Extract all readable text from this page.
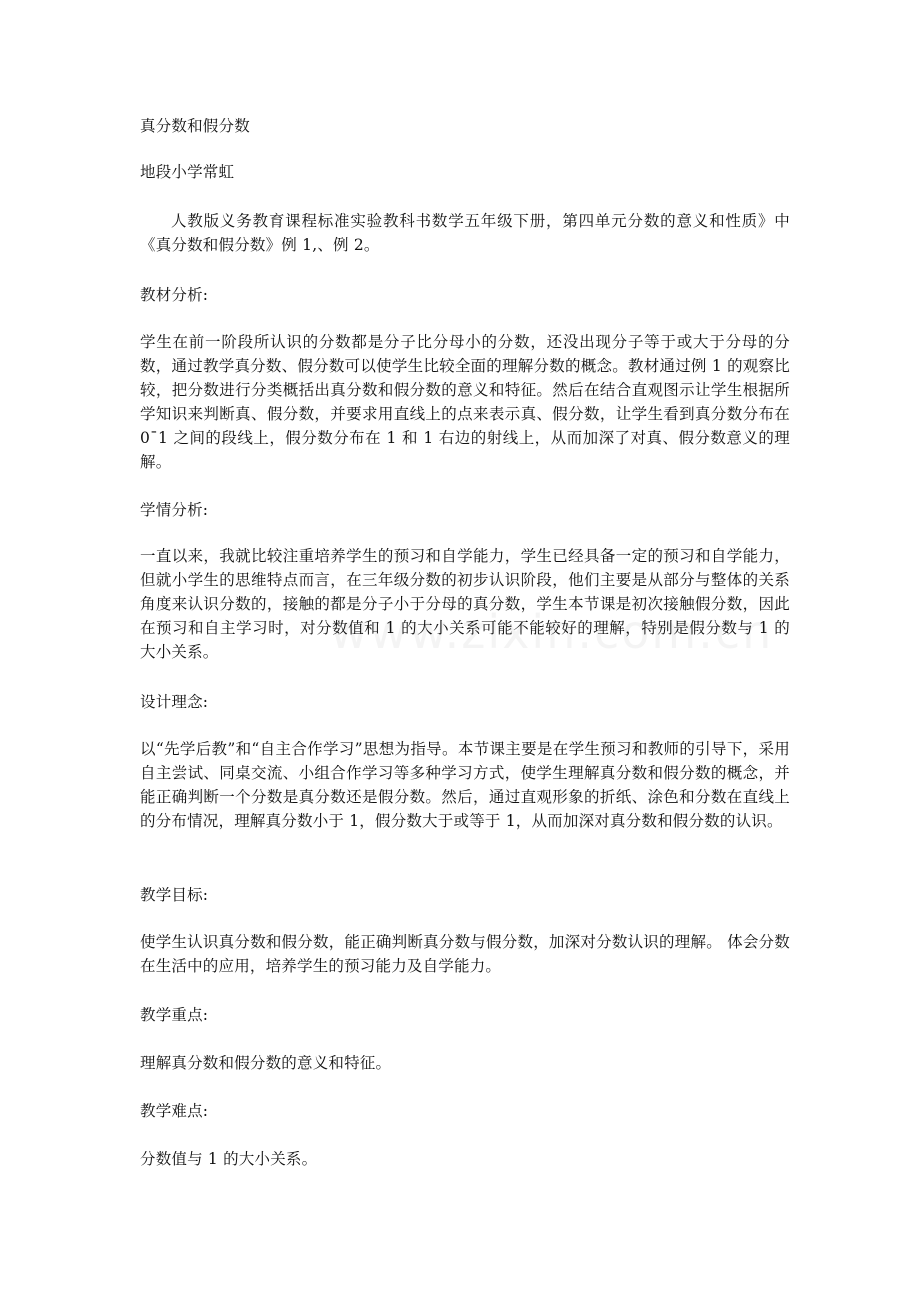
真分数和假分数
地段小学常虹
人教版义务教育课程标准实验教科书数学五年级下册，第四单元分数的意义和性质》中《真分数和假分数》例 1,、例 2。
教材分析:
学生在前一阶段所认识的分数都是分子比分母小的分数，还没出现分子等于或大于分母的分数，通过教学真分数、假分数可以使学生比较全面的理解分数的概念。教材通过例 1 的观察比较，把分数进行分类概括出真分数和假分数的意义和特征。然后在结合直观图示让学生根据所学知识来判断真、假分数，并要求用直线上的点来表示真、假分数，让学生看到真分数分布在 0¯1 之间的段线上，假分数分布在 1 和 1 右边的射线上，从而加深了对真、假分数意义的理解。
学情分析:
一直以来，我就比较注重培养学生的预习和自学能力，学生已经具备一定的预习和自学能力，但就小学生的思维特点而言，在三年级分数的初步认识阶段，他们主要是从部分与整体的关系角度来认识分数的，接触的都是分子小于分母的真分数，学生本节课是初次接触假分数，因此在预习和自主学习时，对分数值和 1 的大小关系可能不能较好的理解，特别是假分数与 1 的大小关系。
设计理念:
以“先学后教”和“自主合作学习”思想为指导。本节课主要是在学生预习和教师的引导下，采用自主尝试、同桌交流、小组合作学习等多种学习方式，使学生理解真分数和假分数的概念，并能正确判断一个分数是真分数还是假分数。然后，通过直观形象的折纸、涂色和分数在直线上的分布情况，理解真分数小于 1，假分数大于或等于 1，从而加深对真分数和假分数的认识。
教学目标:
使学生认识真分数和假分数，能正确判断真分数与假分数，加深对分数认识的理解。 体会分数在生活中的应用，培养学生的预习能力及自学能力。
教学重点:
理解真分数和假分数的意义和特征。
教学难点:
分数值与 1 的大小关系。
